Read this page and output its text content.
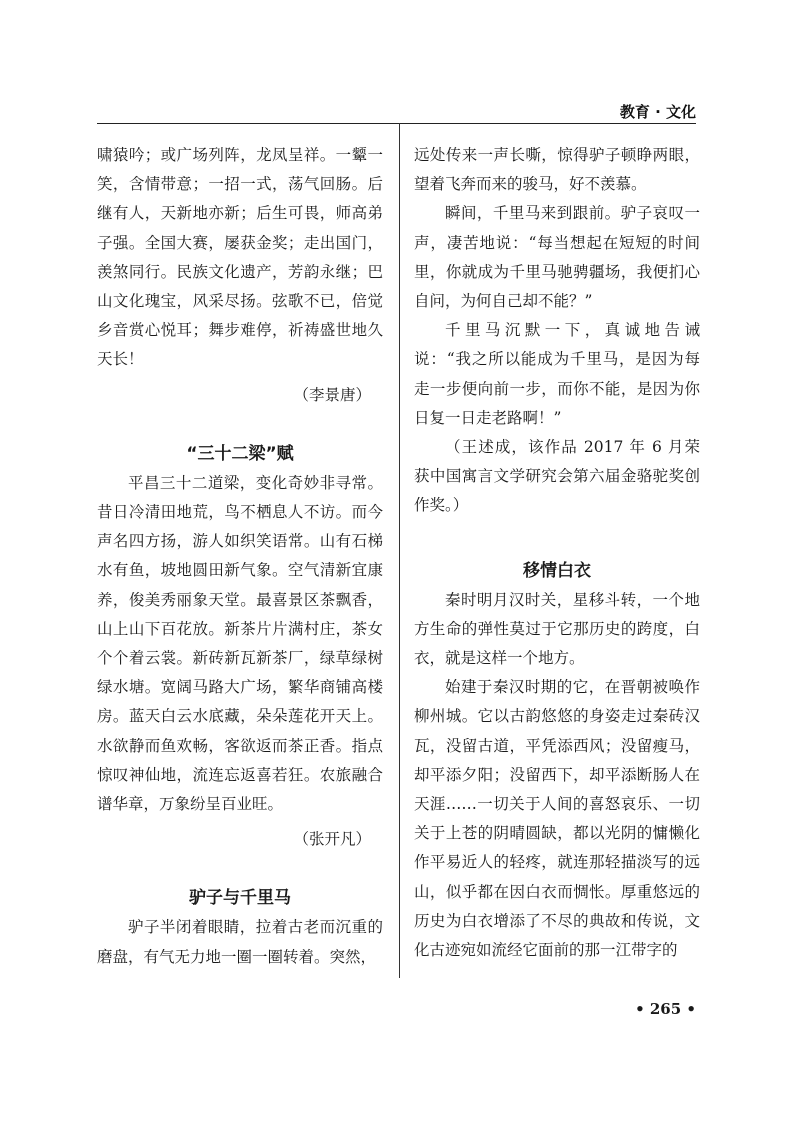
教育 · 文化

啸猿吟；或广场列阵，龙凤呈祥。一颦一笑，含情带意；一招一式，荡气回肠。后继有人，天新地亦新；后生可畏，师高弟子强。全国大赛，屡获金奖；走出国门，羡煞同行。民族文化遗产，芳韵永继；巴山文化瑰宝，风采尽扬。弦歌不已，倍觉乡音赏心悦耳；舞步难停，祈祷盛世地久天长！

（李景唐）

“三十二梁”赋

平昌三十二道梁，变化奇妙非寻常。昔日冷清田地荒，鸟不栖息人不访。而今声名四方扬，游人如织笑语常。山有石梯水有鱼，坡地圆田新气象。空气清新宜康养，俊美秀丽象天堂。最喜景区茶飘香，山上山下百花放。新茶片片满村庄，茶女个个着云裳。新砖新瓦新茶厂，绿草绿树绿水塘。宽阔马路大广场，繁华商铺高楼房。蓝天白云水底藏，朵朵莲花开天上。水欲静而鱼欢畅，客欲返而茶正香。指点惊叹神仙地，流连忘返喜若狂。农旅融合谱华章，万象纷呈百业旺。

（张开凡）

驴子与千里马

驴子半闭着眼睛，拉着古老而沉重的磨盘，有气无力地一圈一圈转着。突然，

远处传来一声长嘶，惊得驴子顿睁两眼，望着飞奔而来的骏马，好不羡慕。

瞬间，千里马来到跟前。驴子哀叹一声，凄苦地说：“每当想起在短短的时间里，你就成为千里马驰骋疆场，我便扪心自问，为何自己却不能？”

千里马沉默一下，真诚地告诫说：“我之所以能成为千里马，是因为每走一步便向前一步，而你不能，是因为你日复一日走老路啊！”

（王述成，该作品 2017 年 6 月荣获中国寓言文学研究会第六届金骆驼奖创作奖。）

移情白衣

秦时明月汉时关，星移斗转，一个地方生命的弹性莫过于它那历史的跨度，白衣，就是这样一个地方。

始建于秦汉时期的它，在晋朝被唤作柳州城。它以古韵悠悠的身姿走过秦砖汉瓦，没留古道，平凭添西风；没留瘦马，却平添夕阳；没留西下，却平添断肠人在天涯……一切关于人间的喜怒哀乐、一切关于上苍的阴晴圆缺，都以光阴的慵懒化作平易近人的轻疼，就连那轻描淡写的远山，似乎都在因白衣而惆怅。厚重悠远的历史为白衣增添了不尽的典故和传说，文化古迹宛如流经它面前的那一江带字的

• 265 •
